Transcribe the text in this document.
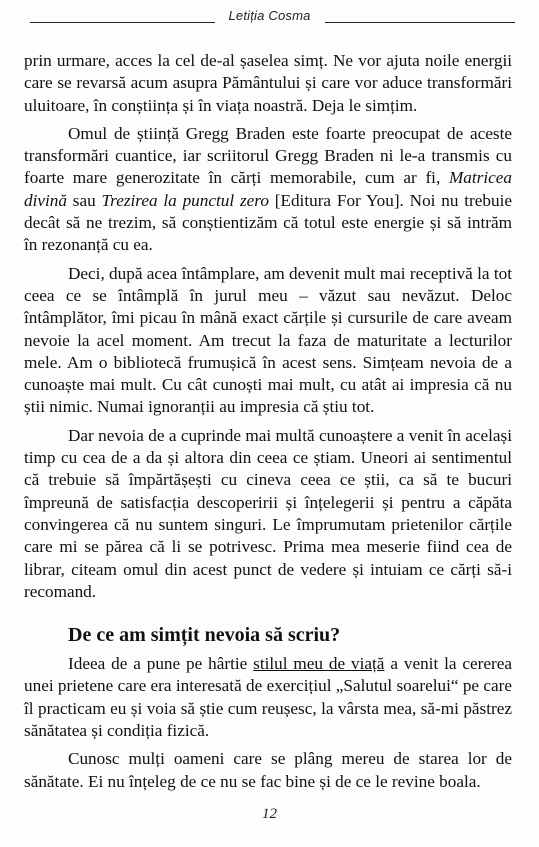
Letiția Cosma

prin urmare, acces la cel de-al șaselea simț. Ne vor ajuta noile energii care se revarsă acum asupra Pământului și care vor aduce transformări uluitoare, în conștiința și în viața noastră. Deja le simțim.

Omul de știință Gregg Braden este foarte preocupat de aceste transformări cuantice, iar scriitorul Gregg Braden ni le-a transmis cu foarte mare generozitate în cărți memorabile, cum ar fi, Matricea divină sau Trezirea la punctul zero [Editura For You]. Noi nu trebuie decât să ne trezim, să conștientizăm că totul este energie și să intrăm în rezonanță cu ea.

Deci, după acea întâmplare, am devenit mult mai receptivă la tot ceea ce se întâmplă în jurul meu – văzut sau nevăzut. Deloc întâmplător, îmi picau în mână exact cărțile și cursurile de care aveam nevoie la acel moment. Am trecut la faza de maturitate a lecturilor mele. Am o bibliotecă frumușică în acest sens. Simțeam nevoia de a cunoaște mai mult. Cu cât cunoști mai mult, cu atât ai impresia că nu știi nimic. Numai ignoranții au impresia că știu tot.

Dar nevoia de a cuprinde mai multă cunoaștere a venit în același timp cu cea de a da și altora din ceea ce știam. Uneori ai sentimentul că trebuie să împărtășești cu cineva ceea ce știi, ca să te bucuri împreună de satisfacția descoperirii și înțelegerii și pentru a căpăta convingerea că nu suntem singuri. Le împrumutam prietenilor cărțile care mi se părea că li se potrivesc. Prima mea meserie fiind cea de librar, citeam omul din acest punct de vedere și intuiam ce cărți să-i recomand.

De ce am simțit nevoia să scriu?

Ideea de a pune pe hârtie stilul meu de viață a venit la cererea unei prietene care era interesată de exercițiul „Salutul soarelui“ pe care îl practicam eu și voia să știe cum reușesc, la vârsta mea, să-mi păstrez sănătatea și condiția fizică.

Cunosc mulți oameni care se plâng mereu de starea lor de sănătate. Ei nu înțeleg de ce nu se fac bine și de ce le revine boala.

12
